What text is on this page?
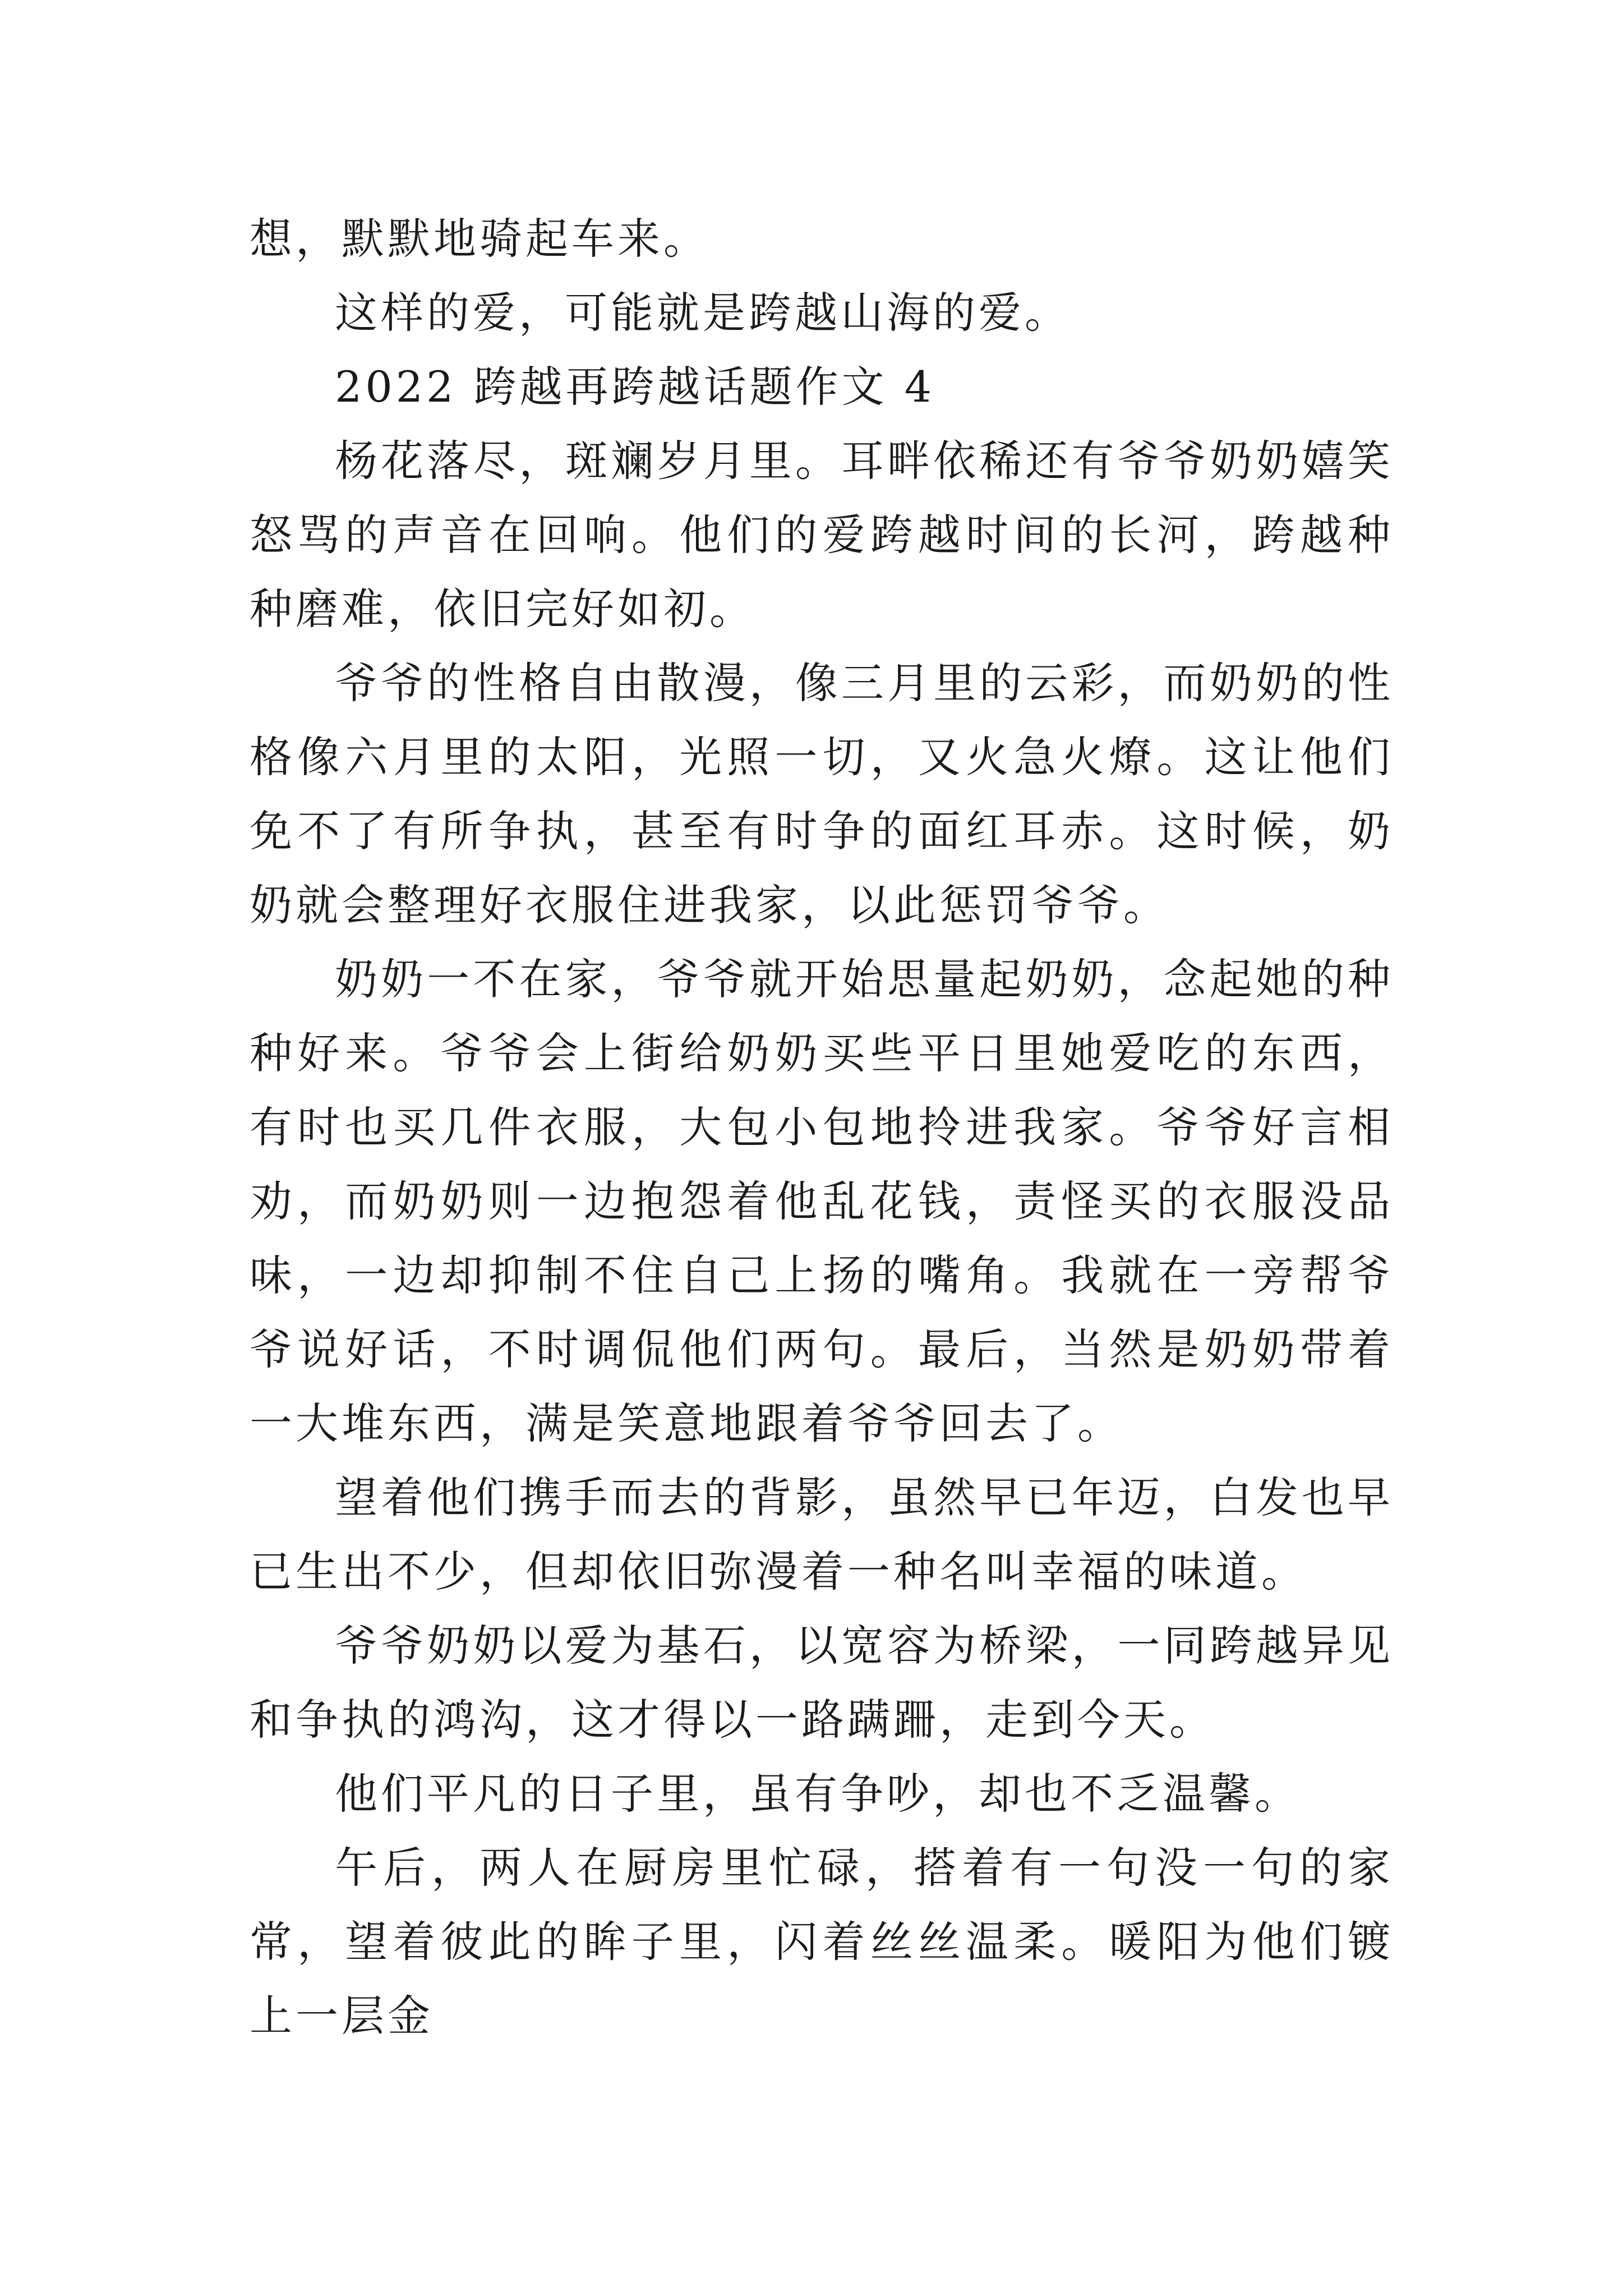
想，默默地骑起车来。

这样的爱，可能就是跨越山海的爱。

2022 跨越再跨越话题作文 4

杨花落尽，斑斓岁月里。耳畔依稀还有爷爷奶奶嬉笑怒骂的声音在回响。他们的爱跨越时间的长河，跨越种种磨难，依旧完好如初。

爷爷的性格自由散漫，像三月里的云彩，而奶奶的性格像六月里的太阳，光照一切，又火急火燎。这让他们免不了有所争执，甚至有时争的面红耳赤。这时候，奶奶就会整理好衣服住进我家，以此惩罚爷爷。

奶奶一不在家，爷爷就开始思量起奶奶，念起她的种种好来。爷爷会上街给奶奶买些平日里她爱吃的东西，有时也买几件衣服，大包小包地拎进我家。爷爷好言相劝，而奶奶则一边抱怨着他乱花钱，责怪买的衣服没品味，一边却抑制不住自己上扬的嘴角。我就在一旁帮爷爷说好话，不时调侃他们两句。最后，当然是奶奶带着一大堆东西，满是笑意地跟着爷爷回去了。

望着他们携手而去的背影，虽然早已年迈，白发也早已生出不少，但却依旧弥漫着一种名叫幸福的味道。

爷爷奶奶以爱为基石，以宽容为桥梁，一同跨越异见和争执的鸿沟，这才得以一路蹒跚，走到今天。

他们平凡的日子里，虽有争吵，却也不乏温馨。

午后，两人在厨房里忙碌，搭着有一句没一句的家常，望着彼此的眸子里，闪着丝丝温柔。暖阳为他们镀上一层金
